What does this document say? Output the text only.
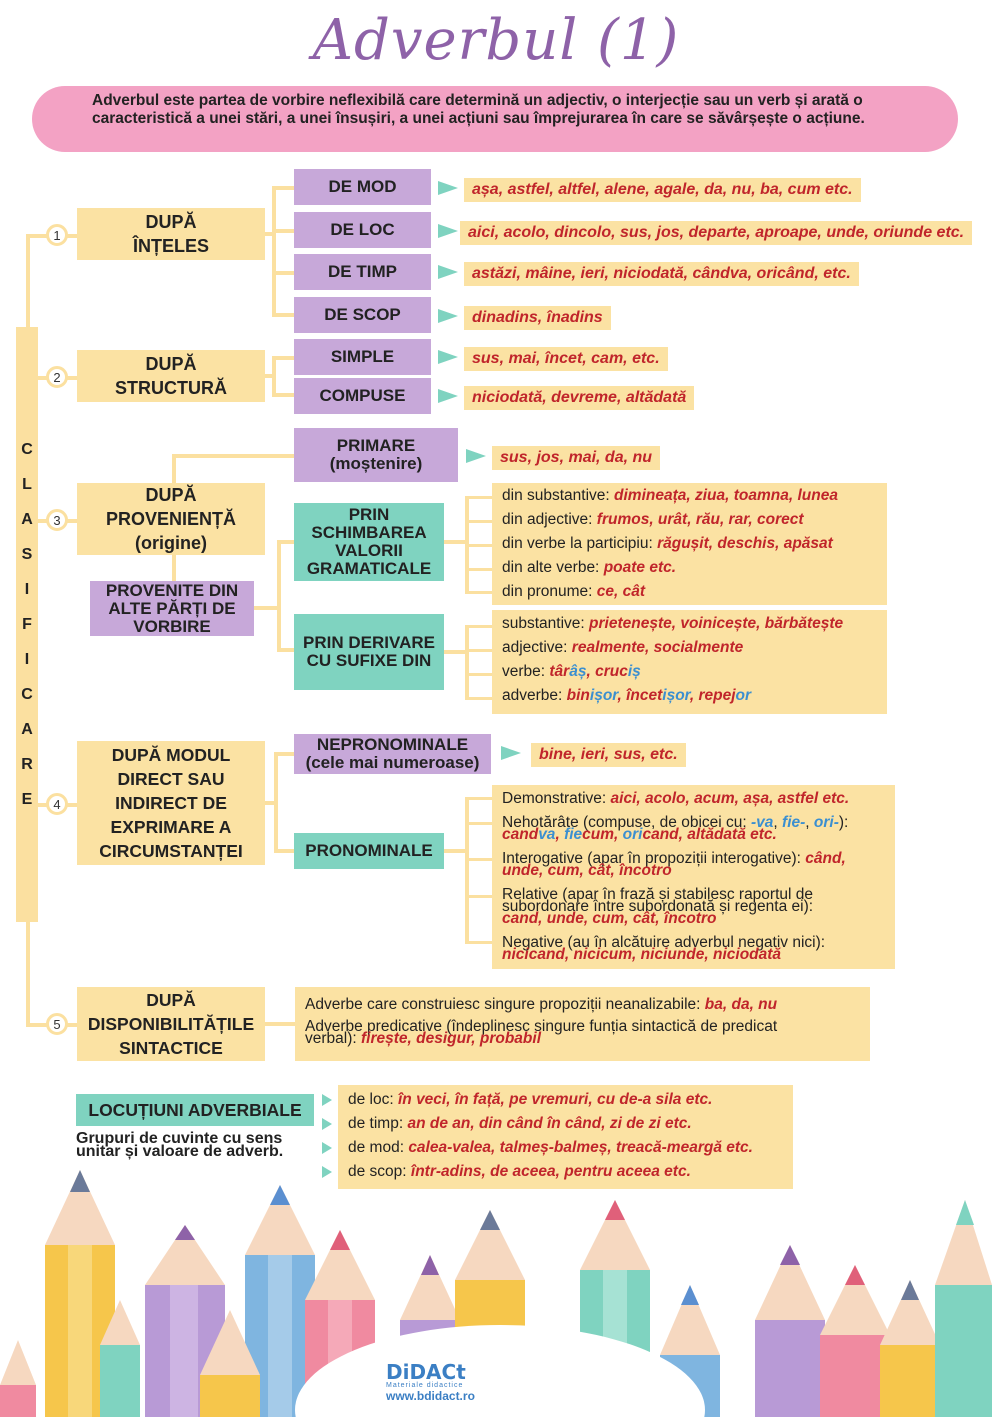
Adverbul (1)
Adverbul este partea de vorbire neflexibilă care determină un adjectiv, o interjecție sau un verb și arată o caracteristică a unei stări, a unei însușiri, a unei acțiuni sau împrejurarea în care se săvârșește o acțiune.
C
L
A
S
I
F
I
C
A
R
E
1
DUPĂ
ÎNȚELES
DE MOD	așa, astfel, altfel, alene, agale, da, nu, ba, cum etc.
DE LOC	aici, acolo, dincolo, sus, jos, departe, aproape, unde, oriunde etc.
DE TIMP	astăzi, mâine, ieri, niciodată, cândva, oricând, etc.
DE SCOP	dinadins, înadins
2
DUPĂ
STRUCTURĂ
SIMPLE	sus, mai, încet, cam, etc.
COMPUSE	niciodată, devreme, altădată
3
DUPĂ
PROVENIENȚĂ
(origine)
PRIMARE
(moștenire)	sus, jos, mai, da, nu
PROVENITE DIN
ALTE PĂRȚI DE
VORBIRE
PRIN
SCHIMBAREA
VALORII
GRAMATICALE
din substantive: dimineața, ziua, toamna, lunea
din adjective: frumos, urât, rău, rar, corect
din verbe la participiu: răgușit, deschis, apăsat
din alte verbe: poate etc.
din pronume: ce, cât
PRIN DERIVARE
CU SUFIXE DIN
substantive: prietenește, voinicește, bărbătește
adjective: realmente, socialmente
verbe: târâș, cruciș
adverbe: binișor, încetișor, repejor
4
DUPĂ MODUL
DIRECT SAU
INDIRECT DE
EXPRIMARE A
CIRCUMSTANȚEI
NEPRONOMINALE
(cele mai numeroase)	bine, ieri, sus, etc.
PRONOMINALE
Demonstrative: aici, acolo, acum, așa, astfel etc.
Nehotărâte (compuse, de obicei cu: -va, fie-, ori-):
candva, fiecum, oricand, altădată etc.
Interogative (apar în propoziții interogative): când,
unde, cum, cât, încotro
Relative (apar în frază și stabilesc raportul de
subordonare între subordonată și regenta ei):
cand, unde, cum, cât, încotro
Negative (au în alcătuire adverbul negativ nici):
nicicand, nicicum, niciunde, niciodată
5
DUPĂ
DISPONIBILITĂȚILE
SINTACTICE
Adverbe care construiesc singure propoziții neanalizabile: ba, da, nu
Adverbe predicative (îndeplinesc singure funția sintactică de predicat
verbal): firește, desigur, probabil
LOCUȚIUNI ADVERBIALE
Grupuri de cuvinte cu sens unitar și valoare de adverb.
de loc: în veci, în față, pe vremuri, cu de-a sila etc.
de timp: an de an, din când în când, zi de zi etc.
de mod: calea-valea, talmeș-balmeș, treacă-meargă etc.
de scop: într-adins, de aceea, pentru aceea etc.
DiDACt
Materiale didactice
www.bdidact.ro
